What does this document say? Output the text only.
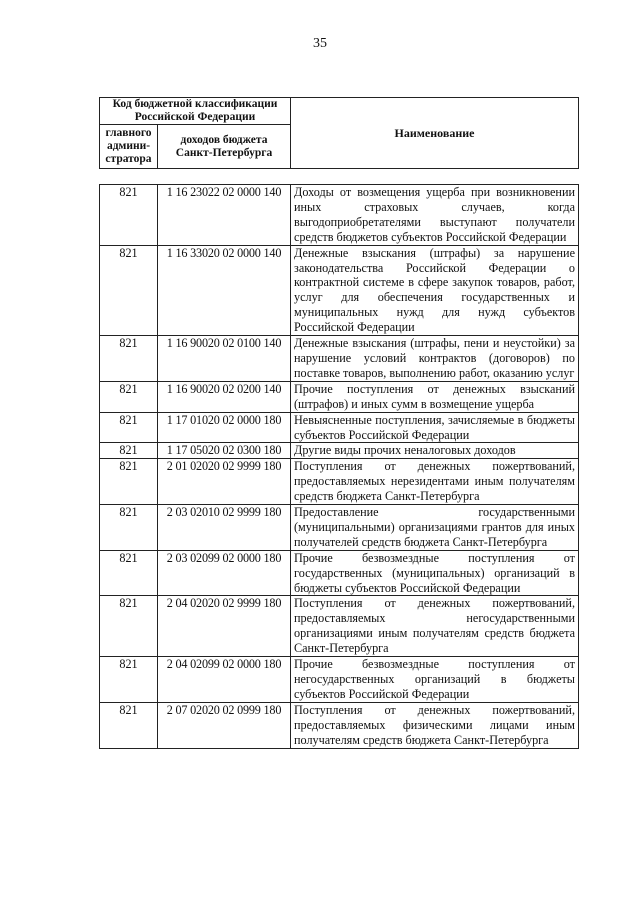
35
Код бюджетной классификации Российской Федерации		Наименование
главного админи-стратора	доходов бюджета Санкт-Петербурга	
821	1 16 23022 02 0000 140	Доходы от возмещения ущерба при возникновении иных страховых случаев, когда выгодоприобретателями выступают получатели средств бюджетов субъектов Российской Федерации
821	1 16 33020 02 0000 140	Денежные взыскания (штрафы) за нарушение законодательства Российской Федерации о контрактной системе в сфере закупок товаров, работ, услуг для обеспечения государственных и муниципальных нужд для нужд субъектов Российской Федерации
821	1 16 90020 02 0100 140	Денежные взыскания (штрафы, пени и неустойки) за нарушение условий контрактов (договоров) по поставке товаров, выполнению работ, оказанию услуг
821	1 16 90020 02 0200 140	Прочие поступления от денежных взысканий (штрафов) и иных сумм в возмещение ущерба
821	1 17 01020 02 0000 180	Невыясненные поступления, зачисляемые в бюджеты субъектов Российской Федерации
821	1 17 05020 02 0300 180	Другие виды прочих неналоговых доходов
821	2 01 02020 02 9999 180	Поступления от денежных пожертвований, предоставляемых нерезидентами иным получателям средств бюджета Санкт-Петербурга
821	2 03 02010 02 9999 180	Предоставление государственными (муниципальными) организациями грантов для иных получателей средств бюджета Санкт-Петербурга
821	2 03 02099 02 0000 180	Прочие безвозмездные поступления от государственных (муниципальных) организаций в бюджеты субъектов Российской Федерации
821	2 04 02020 02 9999 180	Поступления от денежных пожертвований, предоставляемых негосударственными организациями иным получателям средств бюджета Санкт-Петербурга
821	2 04 02099 02 0000 180	Прочие безвозмездные поступления от негосударственных организаций в бюджеты субъектов Российской Федерации
821	2 07 02020 02 0999 180	Поступления от денежных пожертвований, предоставляемых физическими лицами иным получателям средств бюджета Санкт-Петербурга
